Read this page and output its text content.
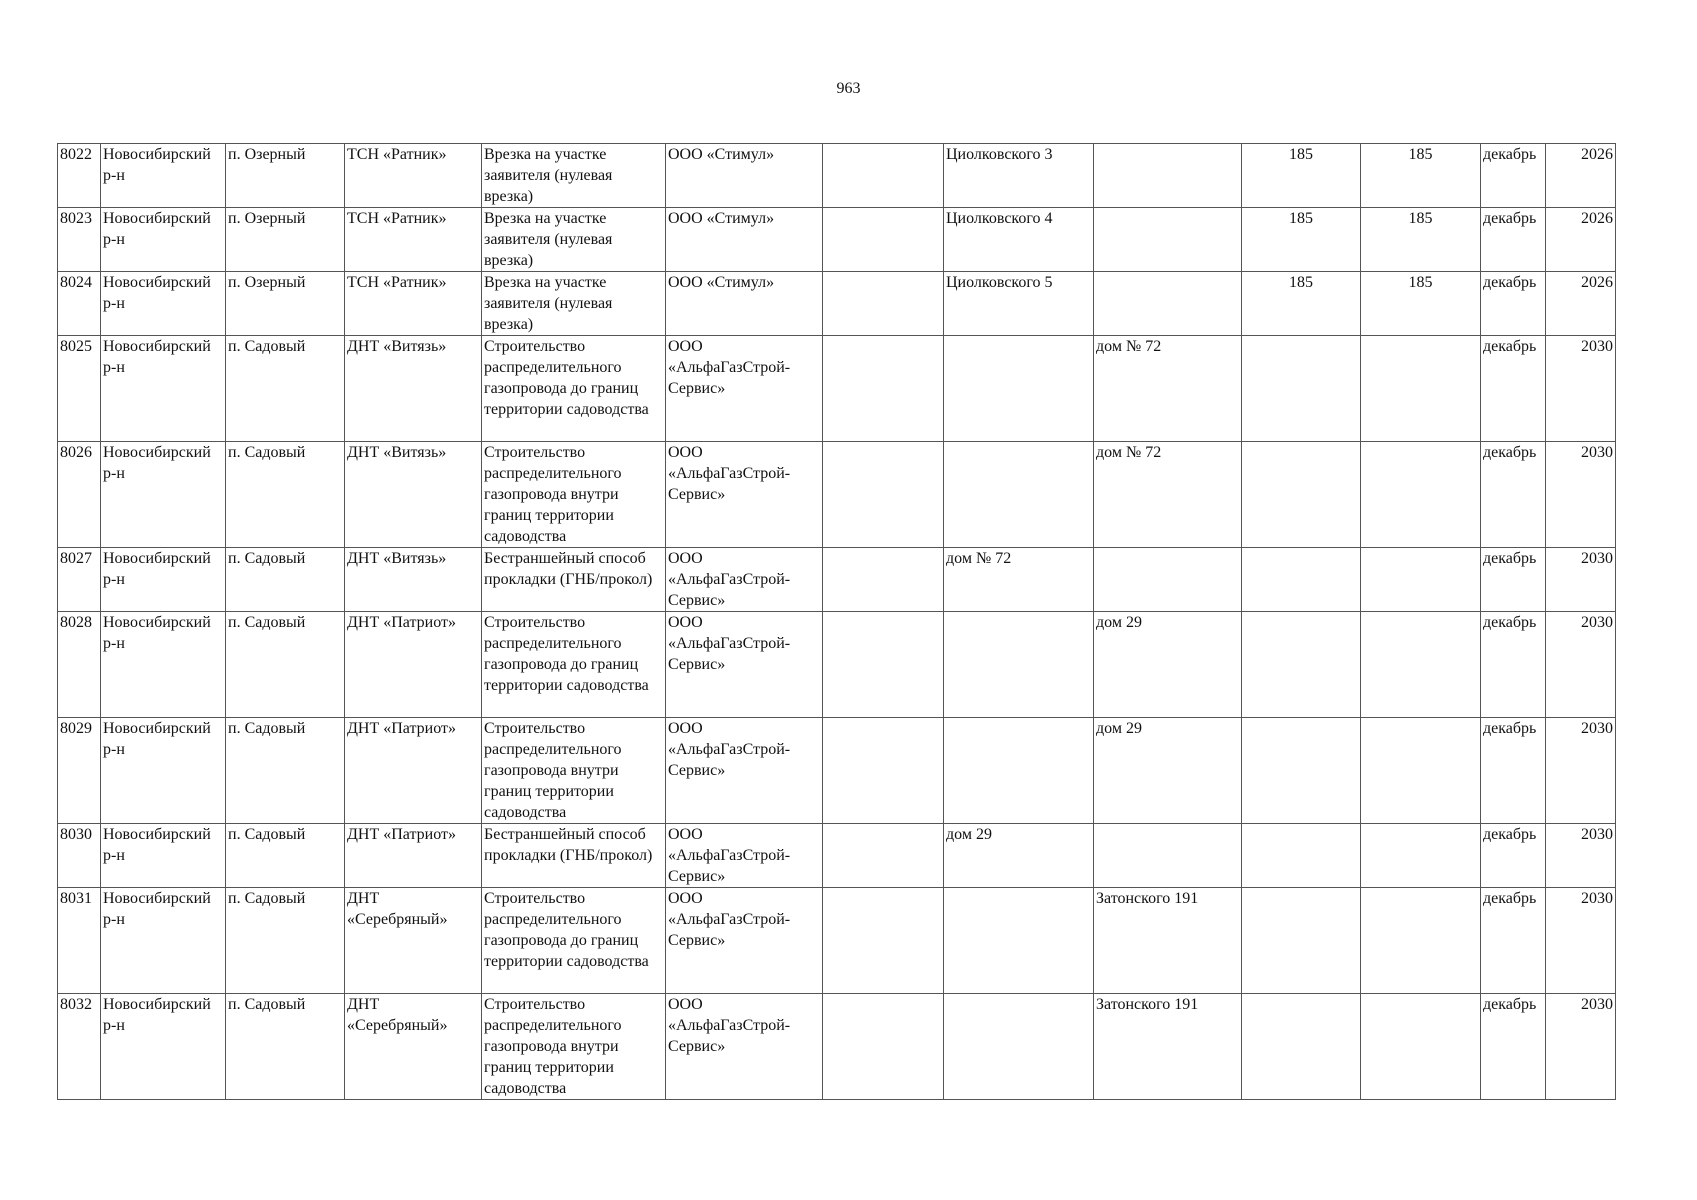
963
8022	Новосибирский р-н	п. Озерный	ТСН «Ратник»	Врезка на участке заявителя (нулевая врезка)	ООО «Стимул»		Циолковского 3		185	185	декабрь	2026
8023	Новосибирский р-н	п. Озерный	ТСН «Ратник»	Врезка на участке заявителя (нулевая врезка)	ООО «Стимул»		Циолковского 4		185	185	декабрь	2026
8024	Новосибирский р-н	п. Озерный	ТСН «Ратник»	Врезка на участке заявителя (нулевая врезка)	ООО «Стимул»		Циолковского 5		185	185	декабрь	2026
8025	Новосибирский р-н	п. Садовый	ДНТ «Витязь»	Строительство распределительного газопровода до границ территории садоводства	ООО «АльфаГазСтрой-Сервис»			дом № 72			декабрь	2030
8026	Новосибирский р-н	п. Садовый	ДНТ «Витязь»	Строительство распределительного газопровода внутри границ территории садоводства	ООО «АльфаГазСтрой-Сервис»			дом № 72			декабрь	2030
8027	Новосибирский р-н	п. Садовый	ДНТ «Витязь»	Бестраншейный способ прокладки (ГНБ/прокол)	ООО «АльфаГазСтрой-Сервис»		дом № 72				декабрь	2030
8028	Новосибирский р-н	п. Садовый	ДНТ «Патриот»	Строительство распределительного газопровода до границ территории садоводства	ООО «АльфаГазСтрой-Сервис»			дом 29			декабрь	2030
8029	Новосибирский р-н	п. Садовый	ДНТ «Патриот»	Строительство распределительного газопровода внутри границ территории садоводства	ООО «АльфаГазСтрой-Сервис»			дом 29			декабрь	2030
8030	Новосибирский р-н	п. Садовый	ДНТ «Патриот»	Бестраншейный способ прокладки (ГНБ/прокол)	ООО «АльфаГазСтрой-Сервис»		дом 29				декабрь	2030
8031	Новосибирский р-н	п. Садовый	ДНТ «Серебряный»	Строительство распределительного газопровода до границ территории садоводства	ООО «АльфаГазСтрой-Сервис»			Затонского 191			декабрь	2030
8032	Новосибирский р-н	п. Садовый	ДНТ «Серебряный»	Строительство распределительного газопровода внутри границ территории садоводства	ООО «АльфаГазСтрой-Сервис»			Затонского 191			декабрь	2030
